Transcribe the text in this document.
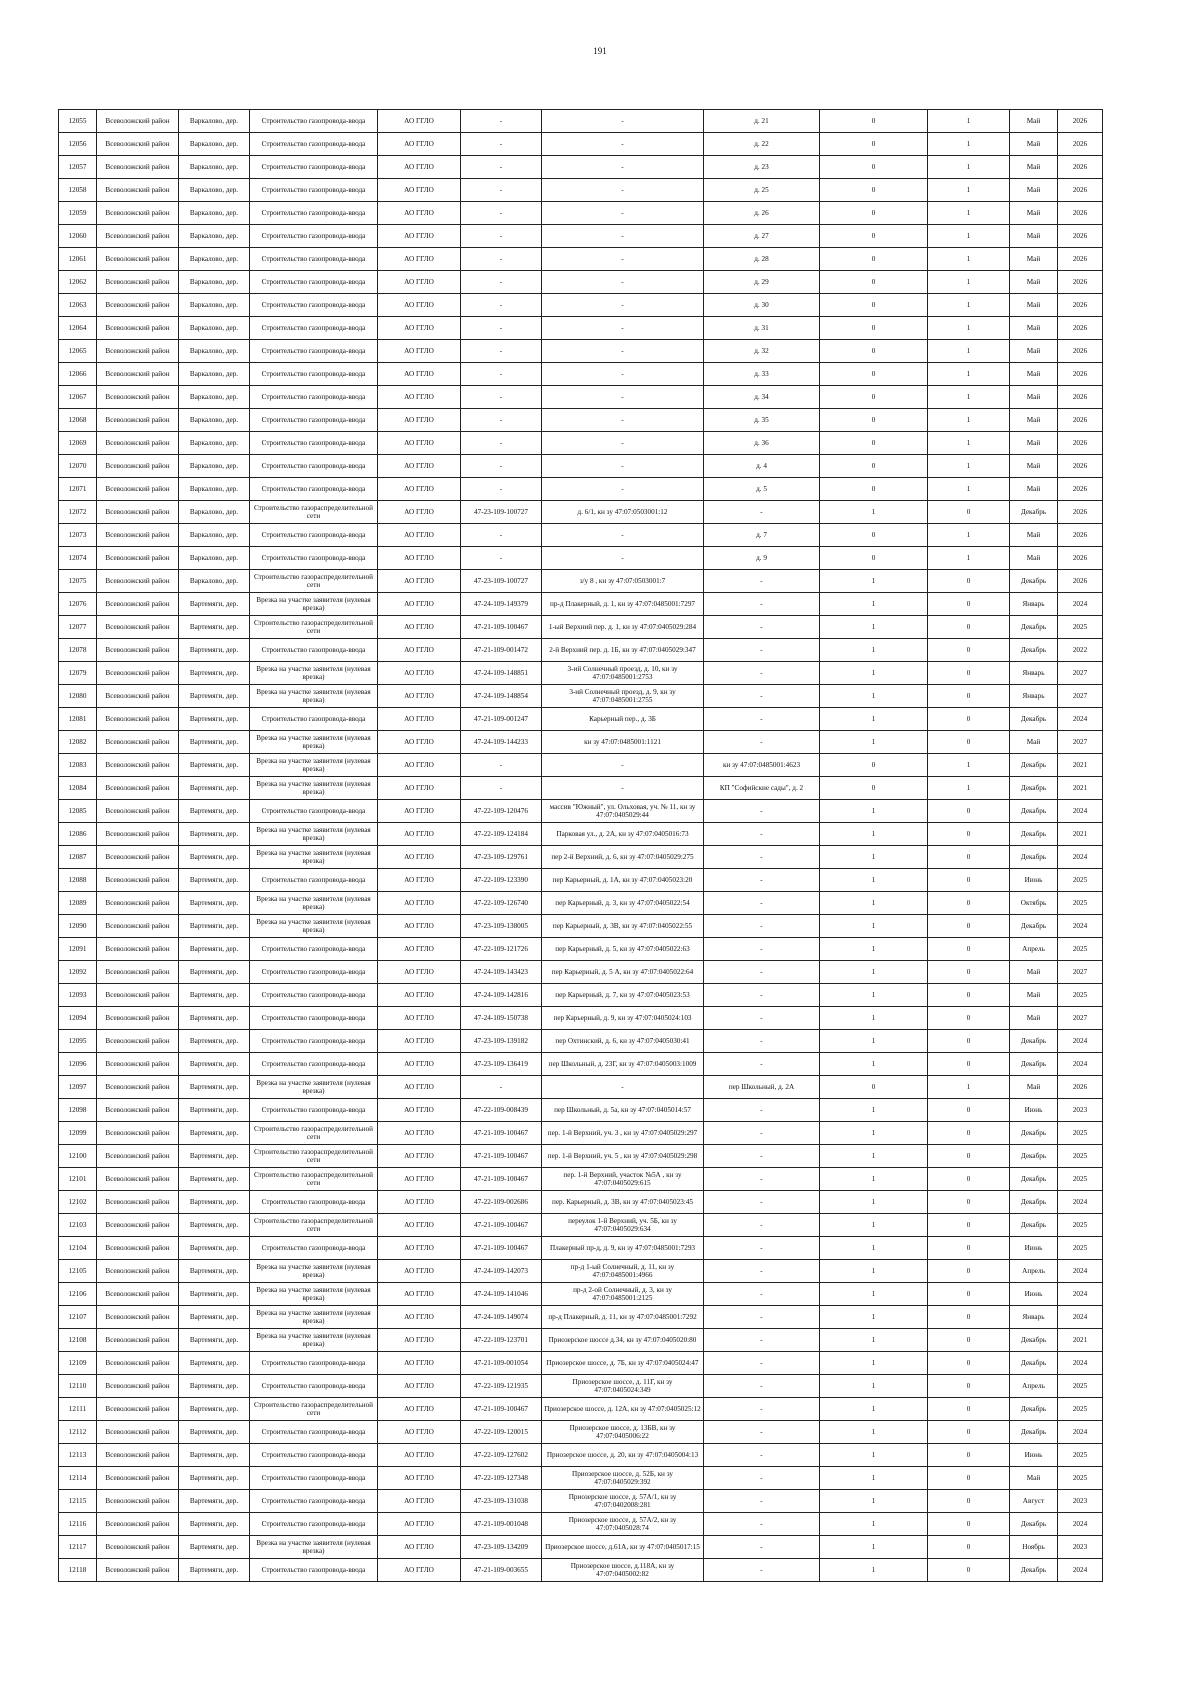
191
12055	Всеволожский район	Варкалово, дер.	Строительство газопровода-ввода	АО ГГЛО	-	-	д. 21	0	1	Май	2026
12056	Всеволожский район	Варкалово, дер.	Строительство газопровода-ввода	АО ГГЛО	-	-	д. 22	0	1	Май	2026
12057	Всеволожский район	Варкалово, дер.	Строительство газопровода-ввода	АО ГГЛО	-	-	д. 23	0	1	Май	2026
12058	Всеволожский район	Варкалово, дер.	Строительство газопровода-ввода	АО ГГЛО	-	-	д. 25	0	1	Май	2026
12059	Всеволожский район	Варкалово, дер.	Строительство газопровода-ввода	АО ГГЛО	-	-	д. 26	0	1	Май	2026
12060	Всеволожский район	Варкалово, дер.	Строительство газопровода-ввода	АО ГГЛО	-	-	д. 27	0	1	Май	2026
12061	Всеволожский район	Варкалово, дер.	Строительство газопровода-ввода	АО ГГЛО	-	-	д. 28	0	1	Май	2026
12062	Всеволожский район	Варкалово, дер.	Строительство газопровода-ввода	АО ГГЛО	-	-	д. 29	0	1	Май	2026
12063	Всеволожский район	Варкалово, дер.	Строительство газопровода-ввода	АО ГГЛО	-	-	д. 30	0	1	Май	2026
12064	Всеволожский район	Варкалово, дер.	Строительство газопровода-ввода	АО ГГЛО	-	-	д. 31	0	1	Май	2026
12065	Всеволожский район	Варкалово, дер.	Строительство газопровода-ввода	АО ГГЛО	-	-	д. 32	0	1	Май	2026
12066	Всеволожский район	Варкалово, дер.	Строительство газопровода-ввода	АО ГГЛО	-	-	д. 33	0	1	Май	2026
12067	Всеволожский район	Варкалово, дер.	Строительство газопровода-ввода	АО ГГЛО	-	-	д. 34	0	1	Май	2026
12068	Всеволожский район	Варкалово, дер.	Строительство газопровода-ввода	АО ГГЛО	-	-	д. 35	0	1	Май	2026
12069	Всеволожский район	Варкалово, дер.	Строительство газопровода-ввода	АО ГГЛО	-	-	д. 36	0	1	Май	2026
12070	Всеволожский район	Варкалово, дер.	Строительство газопровода-ввода	АО ГГЛО	-	-	д. 4	0	1	Май	2026
12071	Всеволожский район	Варкалово, дер.	Строительство газопровода-ввода	АО ГГЛО	-	-	д. 5	0	1	Май	2026
12072	Всеволожский район	Варкалово, дер.	Строительство газораспределительной сети	АО ГГЛО	47-23-109-100727	д. 6/1, кн зу 47:07:0503001:12	-	1	0	Декабрь	2026
12073	Всеволожский район	Варкалово, дер.	Строительство газопровода-ввода	АО ГГЛО	-	-	д. 7	0	1	Май	2026
12074	Всеволожский район	Варкалово, дер.	Строительство газопровода-ввода	АО ГГЛО	-	-	д. 9	0	1	Май	2026
12075	Всеволожский район	Варкалово, дер.	Строительство газораспределительной сети	АО ГГЛО	47-23-109-100727	з/у 8 , кн зу 47:07:0503001:7	-	1	0	Декабрь	2026
12076	Всеволожский район	Вартемяги, дер.	Врезка на участке заявителя (нулевая врезка)	АО ГГЛО	47-24-109-149379	пр-д Плакерный, д. 1, кн зу 47:07:0485001:7297	-	1	0	Январь	2024
12077	Всеволожский район	Вартемяги, дер.	Строительство газораспределительной сети	АО ГГЛО	47-21-109-100467	1-ый Верхний пер. д. 1, кн зу 47:07:0405029:284	-	1	0	Декабрь	2025
12078	Всеволожский район	Вартемяги, дер.	Строительство газопровода-ввода	АО ГГЛО	47-21-109-001472	2-й Верхний пер. д. 1Б, кн зу 47:07:0405029:347	-	1	0	Декабрь	2022
12079	Всеволожский район	Вартемяги, дер.	Врезка на участке заявителя (нулевая врезка)	АО ГГЛО	47-24-109-148851	3-ий Солнечный проезд, д. 10, кн зу 47:07:0485001:2753	-	1	0	Январь	2027
12080	Всеволожский район	Вартемяги, дер.	Врезка на участке заявителя (нулевая врезка)	АО ГГЛО	47-24-109-148854	3-ий Солнечный проезд, д. 9, кн зу 47:07:0485001:2755	-	1	0	Январь	2027
12081	Всеволожский район	Вартемяги, дер.	Строительство газопровода-ввода	АО ГГЛО	47-21-109-001247	Карьерный пер., д. 3Б	-	1	0	Декабрь	2024
12082	Всеволожский район	Вартемяги, дер.	Врезка на участке заявителя (нулевая врезка)	АО ГГЛО	47-24-109-144233	кн зу 47:07:0485001:1121	-	1	0	Май	2027
12083	Всеволожский район	Вартемяги, дер.	Врезка на участке заявителя (нулевая врезка)	АО ГГЛО	-	-	кн зу 47:07:0485001:4623	0	1	Декабрь	2021
12084	Всеволожский район	Вартемяги, дер.	Врезка на участке заявителя (нулевая врезка)	АО ГГЛО	-	-	КП "Софийские сады", д. 2	0	1	Декабрь	2021
12085	Всеволожский район	Вартемяги, дер.	Строительство газопровода-ввода	АО ГГЛО	47-22-109-120476	массив "Южный", ул. Ольховая, уч. № 11, кн зу 47:07:0405029:44	-	1	0	Декабрь	2024
12086	Всеволожский район	Вартемяги, дер.	Врезка на участке заявителя (нулевая врезка)	АО ГГЛО	47-22-109-124184	Парковая ул., д. 2А, кн зу 47:07:0405016:73	-	1	0	Декабрь	2021
12087	Всеволожский район	Вартемяги, дер.	Врезка на участке заявителя (нулевая врезка)	АО ГГЛО	47-23-109-129761	пер 2-й Верхний, д. 6, кн зу 47:07:0405029:275	-	1	0	Декабрь	2024
12088	Всеволожский район	Вартемяги, дер.	Строительство газопровода-ввода	АО ГГЛО	47-22-109-123390	пер Карьерный, д. 1А, кн зу 47:07:0405023:20	-	1	0	Июнь	2025
12089	Всеволожский район	Вартемяги, дер.	Врезка на участке заявителя (нулевая врезка)	АО ГГЛО	47-22-109-126740	пер Карьерный, д. 3, кн зу 47:07:0405022:54	-	1	0	Октябрь	2025
12090	Всеволожский район	Вартемяги, дер.	Врезка на участке заявителя (нулевая врезка)	АО ГГЛО	47-23-109-138005	пер Карьерный, д. 3В, кн зу 47:07:0405022:55	-	1	0	Декабрь	2024
12091	Всеволожский район	Вартемяги, дер.	Строительство газопровода-ввода	АО ГГЛО	47-22-109-121726	пер Карьерный, д. 5, кн зу 47:07:0405022:63	-	1	0	Апрель	2025
12092	Всеволожский район	Вартемяги, дер.	Строительство газопровода-ввода	АО ГГЛО	47-24-109-143423	пер Карьерный, д. 5 А, кн зу 47:07:0405022:64	-	1	0	Май	2027
12093	Всеволожский район	Вартемяги, дер.	Строительство газопровода-ввода	АО ГГЛО	47-24-109-142816	пер Карьерный, д. 7, кн зу 47:07:0405023:53	-	1	0	Май	2025
12094	Всеволожский район	Вартемяги, дер.	Строительство газопровода-ввода	АО ГГЛО	47-24-109-150738	пер Карьерный, д. 9, кн зу 47:07:0405024:103	-	1	0	Май	2027
12095	Всеволожский район	Вартемяги, дер.	Строительство газопровода-ввода	АО ГГЛО	47-23-109-139182	пер Охтинский, д. 6, кн зу 47:07:0405030:41	-	1	0	Декабрь	2024
12096	Всеволожский район	Вартемяги, дер.	Строительство газопровода-ввода	АО ГГЛО	47-23-109-136419	пер Школьный, д. 23Г, кн зу 47:07:0405003:1009	-	1	0	Декабрь	2024
12097	Всеволожский район	Вартемяги, дер.	Врезка на участке заявителя (нулевая врезка)	АО ГГЛО	-	-	пер Школьный, д. 2А	0	1	Май	2026
12098	Всеволожский район	Вартемяги, дер.	Строительство газопровода-ввода	АО ГГЛО	47-22-109-008439	пер Школьный, д. 5а, кн зу 47:07:0405014:57	-	1	0	Июнь	2023
12099	Всеволожский район	Вартемяги, дер.	Строительство газораспределительной сети	АО ГГЛО	47-21-109-100467	пер. 1-й Верхний, уч. 3 , кн зу 47:07:0405029:297	-	1	0	Декабрь	2025
12100	Всеволожский район	Вартемяги, дер.	Строительство газораспределительной сети	АО ГГЛО	47-21-109-100467	пер. 1-й Верхний, уч. 5 , кн зу 47:07:0405029:298	-	1	0	Декабрь	2025
12101	Всеволожский район	Вартемяги, дер.	Строительство газораспределительной сети	АО ГГЛО	47-21-109-100467	пер. 1-й Верхний, участок №5А , кн зу 47:07:0405029:615	-	1	0	Декабрь	2025
12102	Всеволожский район	Вартемяги, дер.	Строительство газопровода-ввода	АО ГГЛО	47-22-109-002686	пер. Карьерный, д. 3В, кн зу 47:07:0405023:45	-	1	0	Декабрь	2024
12103	Всеволожский район	Вартемяги, дер.	Строительство газораспределительной сети	АО ГГЛО	47-21-109-100467	переулок 1-й Верхний, уч. 5Б, кн зу 47:07:0405029:634	-	1	0	Декабрь	2025
12104	Всеволожский район	Вартемяги, дер.	Строительство газопровода-ввода	АО ГГЛО	47-21-109-100467	Плакерный пр-д, д. 9, кн зу 47:07:0485001:7293	-	1	0	Июнь	2025
12105	Всеволожский район	Вартемяги, дер.	Врезка на участке заявителя (нулевая врезка)	АО ГГЛО	47-24-109-142073	пр-д 1-ый Солнечный, д. 11, кн зу 47:07:0485001:4966	-	1	0	Апрель	2024
12106	Всеволожский район	Вартемяги, дер.	Врезка на участке заявителя (нулевая врезка)	АО ГГЛО	47-24-109-141046	пр-д 2-ой Солнечный, д. 3, кн зу 47:07:0485001:2125	-	1	0	Июнь	2024
12107	Всеволожский район	Вартемяги, дер.	Врезка на участке заявителя (нулевая врезка)	АО ГГЛО	47-24-109-149074	пр-д Плакерный, д. 11, кн зу 47:07:0485001:7292	-	1	0	Январь	2024
12108	Всеволожский район	Вартемяги, дер.	Врезка на участке заявителя (нулевая врезка)	АО ГГЛО	47-22-109-123701	Приозерское шоссе д.34, кн зу 47:07:0405020:80	-	1	0	Декабрь	2021
12109	Всеволожский район	Вартемяги, дер.	Строительство газопровода-ввода	АО ГГЛО	47-21-109-001054	Приозерское шоссе, д. 7Б, кн зу 47:07:0405024:47	-	1	0	Декабрь	2024
12110	Всеволожский район	Вартемяги, дер.	Строительство газопровода-ввода	АО ГГЛО	47-22-109-121935	Приозерское шоссе, д. 11Г, кн зу 47:07:0405024:349	-	1	0	Апрель	2025
12111	Всеволожский район	Вартемяги, дер.	Строительство газораспределительной сети	АО ГГЛО	47-21-109-100467	Приозерское шоссе, д. 12А, кн зу 47:07:0405025:12	-	1	0	Декабрь	2025
12112	Всеволожский район	Вартемяги, дер.	Строительство газопровода-ввода	АО ГГЛО	47-22-109-120015	Приозерское шоссе, д. 13БВ, кн зу 47:07:0405006:22	-	1	0	Декабрь	2024
12113	Всеволожский район	Вартемяги, дер.	Строительство газопровода-ввода	АО ГГЛО	47-22-109-127602	Приозерское шоссе, д. 20, кн зу 47:07:0405004:13	-	1	0	Июнь	2025
12114	Всеволожский район	Вартемяги, дер.	Строительство газопровода-ввода	АО ГГЛО	47-22-109-127348	Приозерское шоссе, д. 52Б, кн зу 47:07:0405029:392	-	1	0	Май	2025
12115	Всеволожский район	Вартемяги, дер.	Строительство газопровода-ввода	АО ГГЛО	47-23-109-131038	Приозерское шоссе, д. 57А/1, кн зу 47:07:0402008:281	-	1	0	Август	2023
12116	Всеволожский район	Вартемяги, дер.	Строительство газопровода-ввода	АО ГГЛО	47-21-109-001048	Приозерское шоссе, д. 57А/2, кн зу 47:07:0405028:74	-	1	0	Декабрь	2024
12117	Всеволожский район	Вартемяги, дер.	Врезка на участке заявителя (нулевая врезка)	АО ГГЛО	47-23-109-134209	Приозерское шоссе, д.61А, кн зу 47:07:0405017:15	-	1	0	Ноябрь	2023
12118	Всеволожский район	Вартемяги, дер.	Строительство газопровода-ввода	АО ГГЛО	47-21-109-003655	Приозерское шоссе, д.118А, кн зу 47:07:0405002:82	-	1	0	Декабрь	2024
